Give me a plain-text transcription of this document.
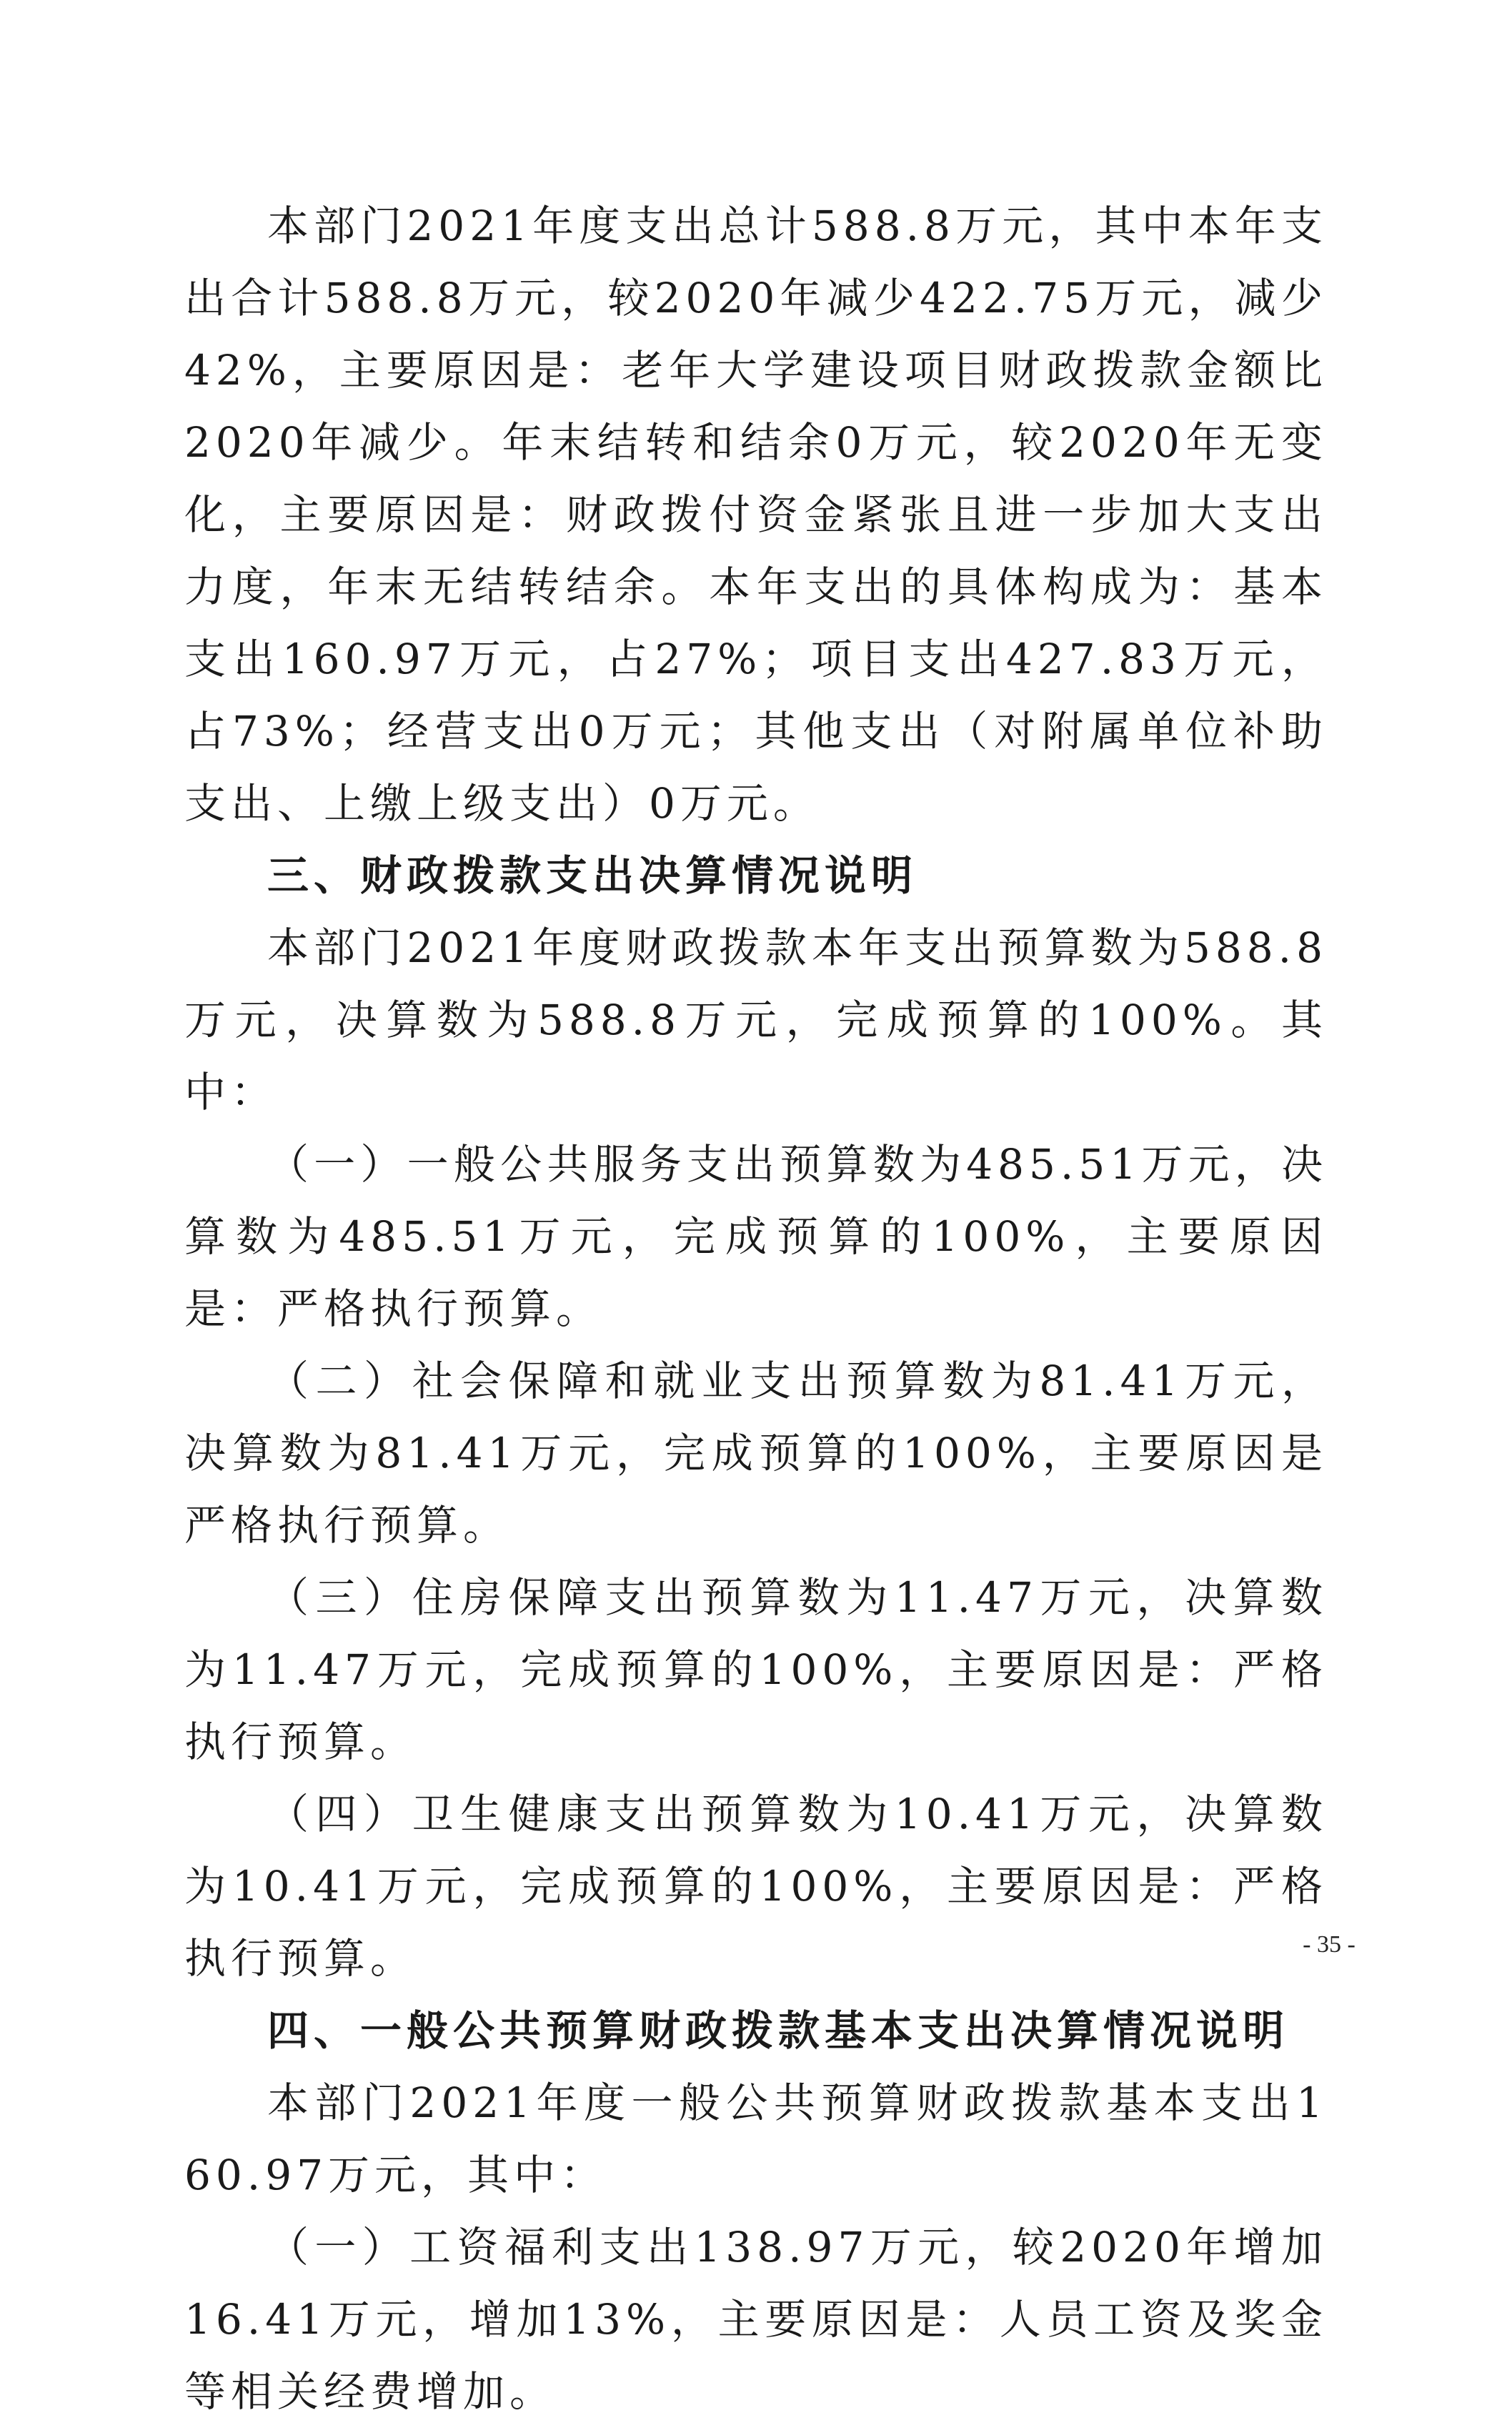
本部门2021年度支出总计588.8万元，其中本年支出合计588.8万元，较2020年减少422.75万元，减少42%，主要原因是：老年大学建设项目财政拨款金额比2020年减少。年末结转和结余0万元，较2020年无变化，主要原因是：财政拨付资金紧张且进一步加大支出力度，年末无结转结余。本年支出的具体构成为：基本支出160.97万元，占27%；项目支出427.83万元，占73%；经营支出0万元；其他支出（对附属单位补助支出、上缴上级支出）0万元。

三、财政拨款支出决算情况说明

本部门2021年度财政拨款本年支出预算数为588.8万元，决算数为588.8万元，完成预算的100%。其中：

（一）一般公共服务支出预算数为485.51万元，决算数为485.51万元，完成预算的100%，主要原因是：严格执行预算。

（二）社会保障和就业支出预算数为81.41万元，决算数为81.41万元，完成预算的100%，主要原因是严格执行预算。

（三）住房保障支出预算数为11.47万元，决算数为11.47万元，完成预算的100%，主要原因是：严格执行预算。

（四）卫生健康支出预算数为10.41万元，决算数为10.41万元，完成预算的100%，主要原因是：严格执行预算。

四、一般公共预算财政拨款基本支出决算情况说明

本部门2021年度一般公共预算财政拨款基本支出160.97万元，其中：

（一）工资福利支出138.97万元，较2020年增加16.41万元，增加13%，主要原因是：人员工资及奖金等相关经费增加。

- 35 -
